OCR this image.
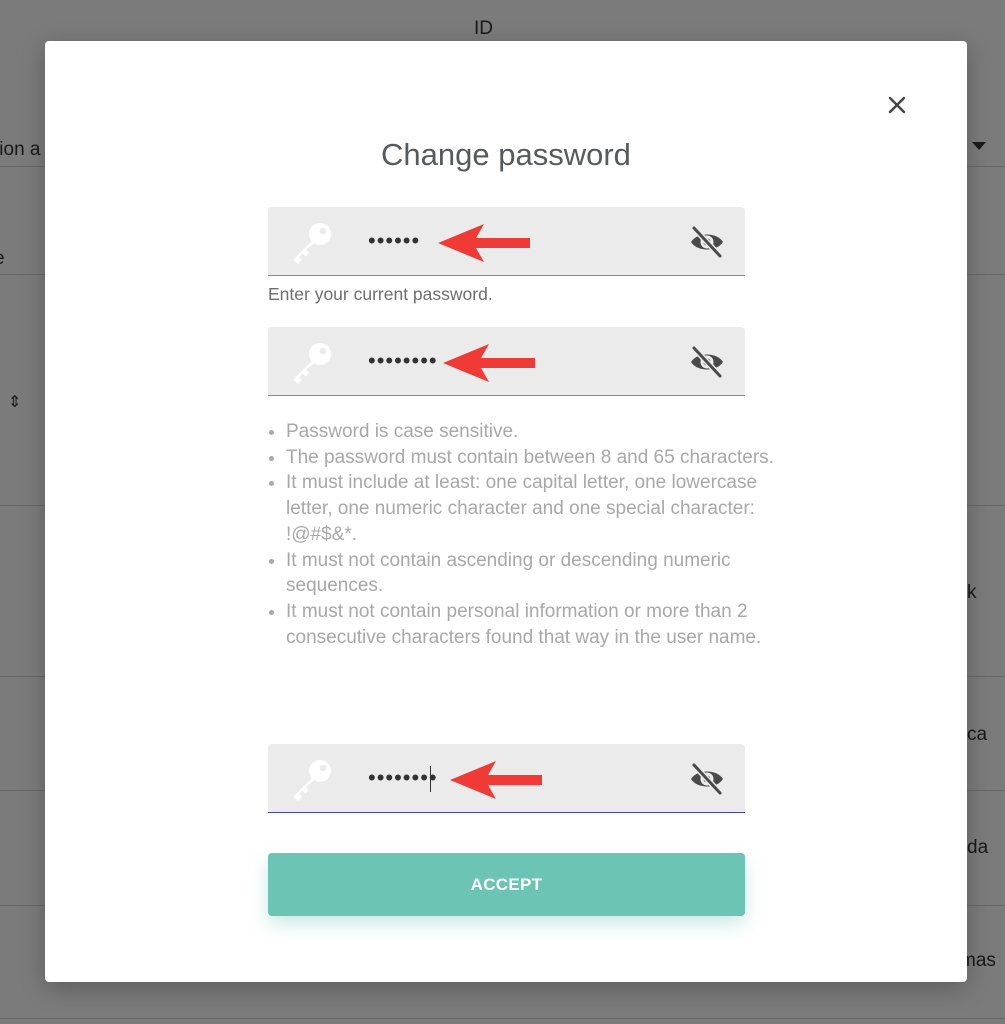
Change password
••••••

Enter your current password.

••••••••
• Password is case sensitive.
• The password must contain between 8 and 65 characters.
• It must include at least: one capital letter, one lowercase letter, one numeric character and one special character: !@#$&*.
• It must not contain ascending or descending numeric sequences.
• It must not contain personal information or more than 2 consecutive characters found that way in the user name.
••••••••
ACCEPT
